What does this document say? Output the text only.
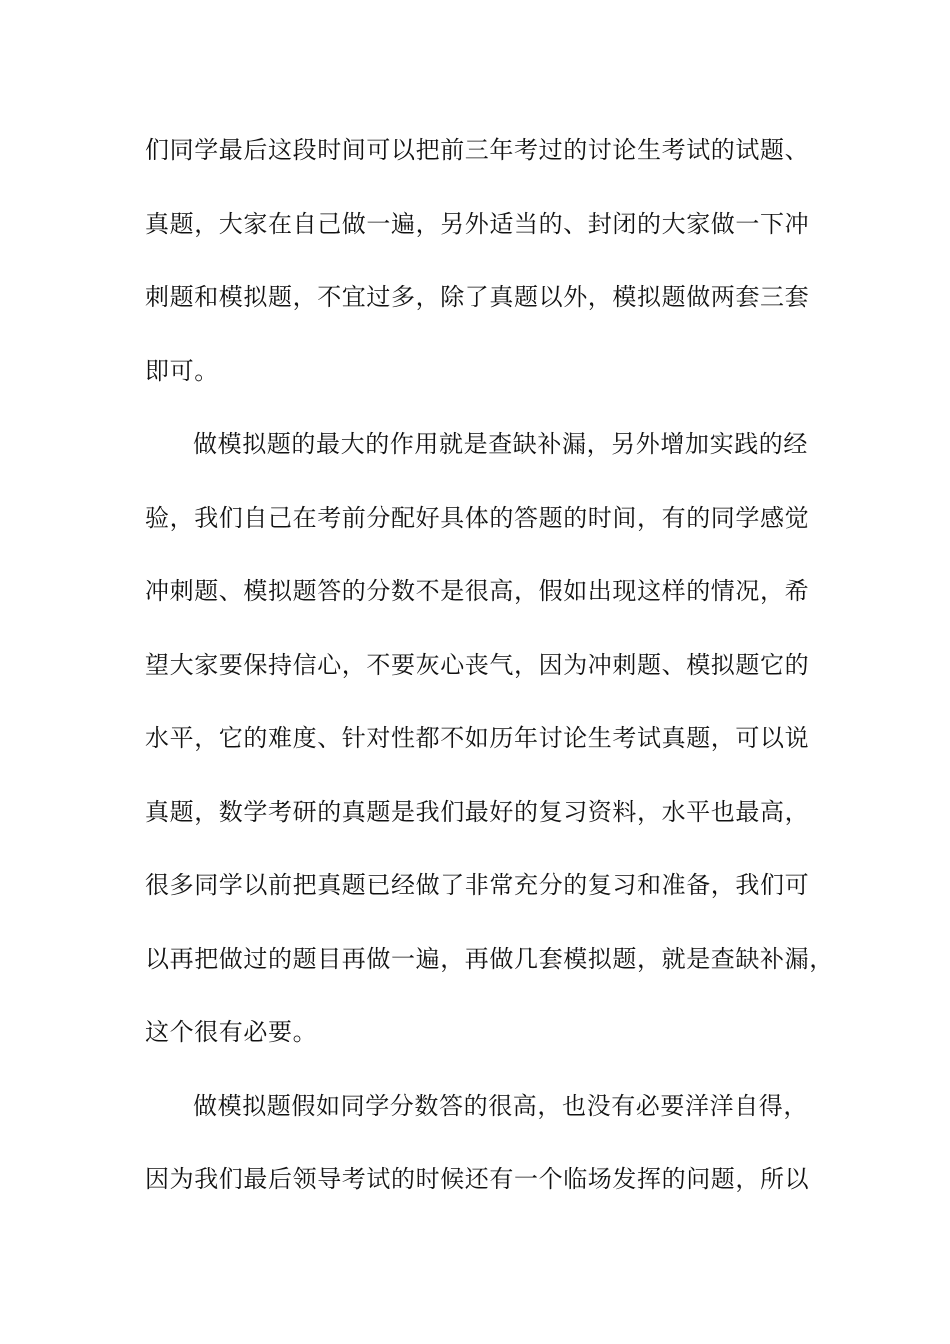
们同学最后这段时间可以把前三年考过的讨论生考试的试题、
真题，大家在自己做一遍，另外适当的、封闭的大家做一下冲
刺题和模拟题，不宜过多，除了真题以外，模拟题做两套三套
即可。
做模拟题的最大的作用就是查缺补漏，另外增加实践的经
验，我们自己在考前分配好具体的答题的时间，有的同学感觉
冲刺题、模拟题答的分数不是很高，假如出现这样的情况，希
望大家要保持信心，不要灰心丧气，因为冲刺题、模拟题它的
水平，它的难度、针对性都不如历年讨论生考试真题，可以说
真题，数学考研的真题是我们最好的复习资料，水平也最高，
很多同学以前把真题已经做了非常充分的复习和准备，我们可
以再把做过的题目再做一遍，再做几套模拟题，就是查缺补漏，
这个很有必要。
做模拟题假如同学分数答的很高，也没有必要洋洋自得，
因为我们最后领导考试的时候还有一个临场发挥的问题，所以
